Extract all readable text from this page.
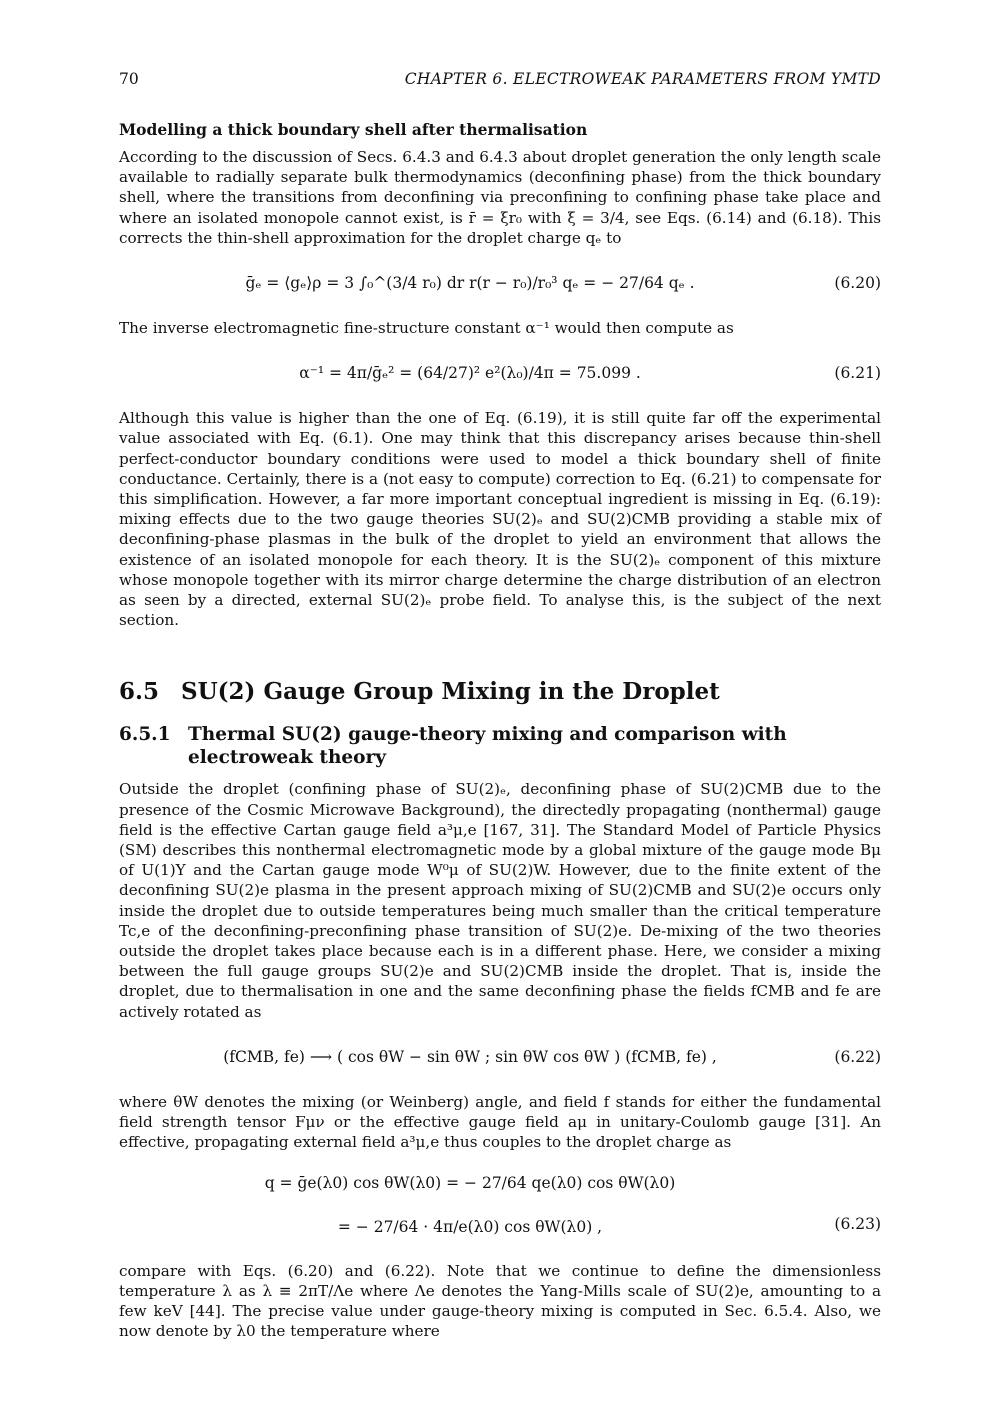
70	CHAPTER 6. ELECTROWEAK PARAMETERS FROM YMTD
Modelling a thick boundary shell after thermalisation

According to the discussion of Secs. 6.4.3 and 6.4.3 about droplet generation the only length scale available to radially separate bulk thermodynamics (deconfining phase) from the thick boundary shell, where the transitions from deconfining via preconfining to confining phase take place and where an isolated monopole cannot exist, is r̄ = ξr₀ with ξ = 3/4, see Eqs. (6.14) and (6.18). This corrects the thin-shell approximation for the droplet charge qₑ to

ḡₑ = ⟨gₑ⟩ρ = 3 ∫₀^(3/4 r₀) dr r(r − r₀)/r₀³ qₑ = − 27/64 qₑ .	(6.20)

The inverse electromagnetic fine-structure constant α⁻¹ would then compute as

α⁻¹ = 4π/ḡₑ² = (64/27)² e²(λ₀)/4π = 75.099 .	(6.21)

Although this value is higher than the one of Eq. (6.19), it is still quite far off the experimental value associated with Eq. (6.1). One may think that this discrepancy arises because thin-shell perfect-conductor boundary conditions were used to model a thick boundary shell of finite conductance. Certainly, there is a (not easy to compute) correction to Eq. (6.21) to compensate for this simplification. However, a far more important conceptual ingredient is missing in Eq. (6.19): mixing effects due to the two gauge theories SU(2)ₑ and SU(2)CMB providing a stable mix of deconfining-phase plasmas in the bulk of the droplet to yield an environment that allows the existence of an isolated monopole for each theory. It is the SU(2)ₑ component of this mixture whose monopole together with its mirror charge determine the charge distribution of an electron as seen by a directed, external SU(2)ₑ probe field. To analyse this, is the subject of the next section.

6.5 SU(2) Gauge Group Mixing in the Droplet
6.5.1 Thermal SU(2) gauge-theory mixing and comparison with electroweak theory

Outside the droplet (confining phase of SU(2)ₑ, deconfining phase of SU(2)CMB due to the presence of the Cosmic Microwave Background), the directedly propagating (nonthermal) gauge field is the effective Cartan gauge field a³μ,e [167, 31]. The Standard Model of Particle Physics (SM) describes this nonthermal electromagnetic mode by a global mixture of the gauge mode Bμ of U(1)Y and the Cartan gauge mode W⁰μ of SU(2)W. However, due to the finite extent of the deconfining SU(2)e plasma in the present approach mixing of SU(2)CMB and SU(2)e occurs only inside the droplet due to outside temperatures being much smaller than the critical temperature Tc,e of the deconfining-preconfining phase transition of SU(2)e. De-mixing of the two theories outside the droplet takes place because each is in a different phase. Here, we consider a mixing between the full gauge groups SU(2)e and SU(2)CMB inside the droplet. That is, inside the droplet, due to thermalisation in one and the same deconfining phase the fields fCMB and fe are actively rotated as

(fCMB, fe) ⟶ ( cos θW − sin θW ; sin θW cos θW ) (fCMB, fe) ,	(6.22)

where θW denotes the mixing (or Weinberg) angle, and field f stands for either the fundamental field strength tensor Fμν or the effective gauge field aμ in unitary-Coulomb gauge [31]. An effective, propagating external field a³μ,e thus couples to the droplet charge as

q = ḡe(λ0) cos θW(λ0) = − 27/64 qe(λ0) cos θW(λ0)
= − 27/64 · 4π/e(λ0) cos θW(λ0) ,	(6.23)

compare with Eqs. (6.20) and (6.22). Note that we continue to define the dimensionless temperature λ as λ ≡ 2πT/Λe where Λe denotes the Yang-Mills scale of SU(2)e, amounting to a few keV [44]. The precise value under gauge-theory mixing is computed in Sec. 6.5.4. Also, we now denote by λ0 the temperature where
